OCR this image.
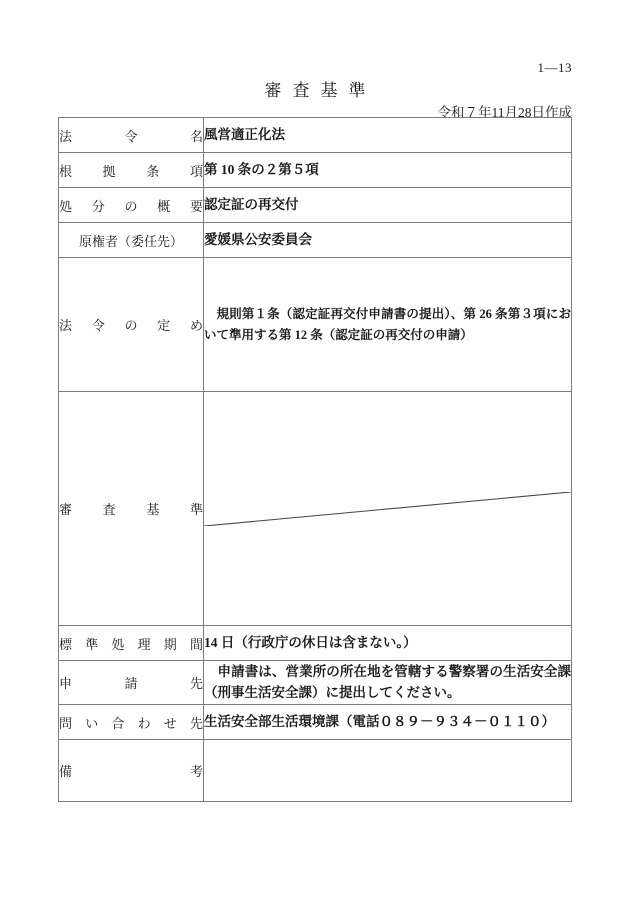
1—13
審査基準
令和７年11月28日作成
法令名	風営適正化法

根拠条項	第 10 条の２第５項

処分の概要	認定証の再交付

原権者（委任先）	愛媛県公安委員会

法令の定め	規則第１条（認定証再交付申請書の提出）、第 26 条第３項において準用する第 12 条（認定証の再交付の申請）

審査基準

標準処理期間	14 日（行政庁の休日は含まない。）

申請先	申請書は、営業所の所在地を管轄する警察署の生活安全課（刑事生活安全課）に提出してください。

問い合わせ先	生活安全部生活環境課（電話０８９－９３４－０１１０）

備考	
